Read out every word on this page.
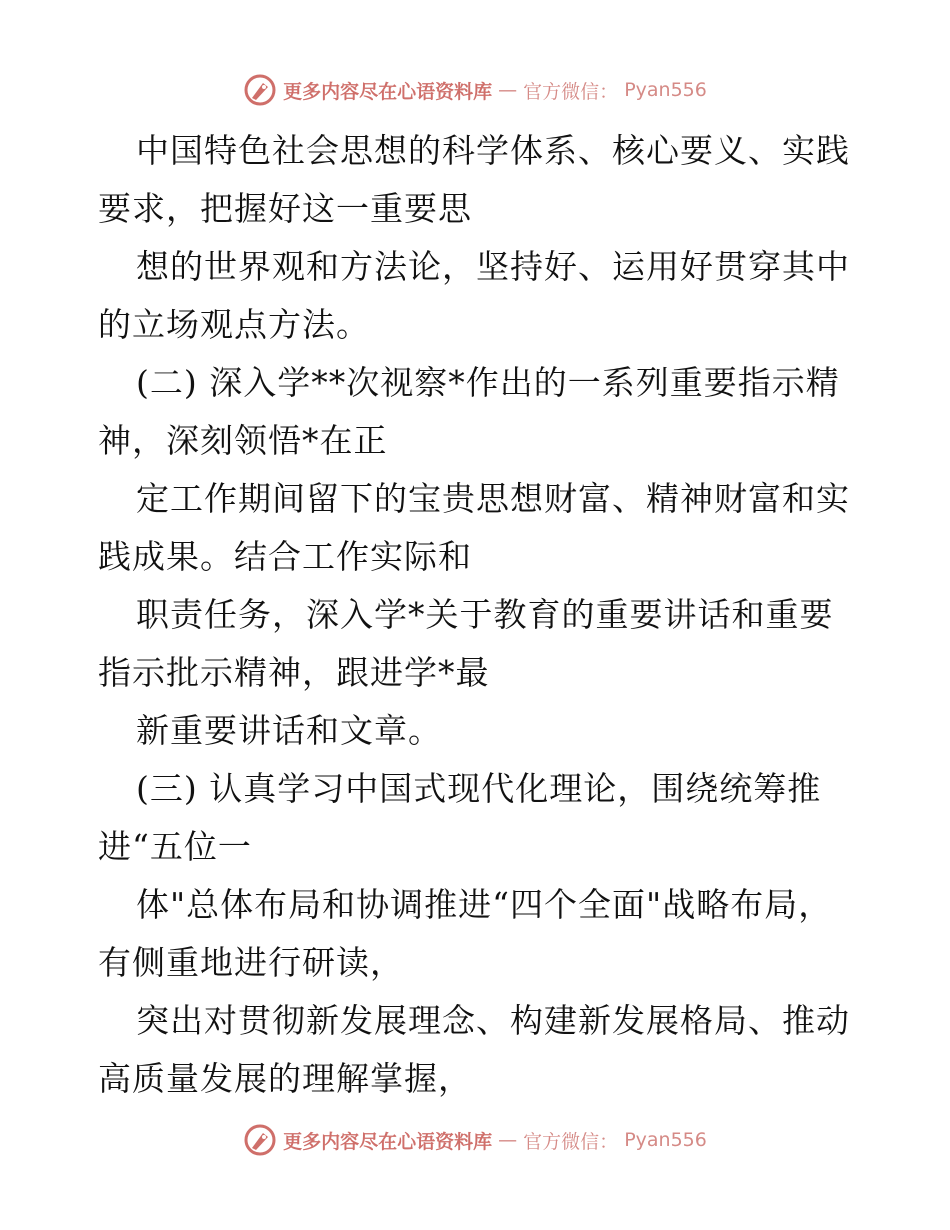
更多内容尽在心语资料库 — 官方微信： Pyan556
中国特色社会思想的科学体系、核心要义、实践
要求，把握好这一重要思
想的世界观和方法论，坚持好、运用好贯穿其中
的立场观点方法。
(二) 深入学**次视察*作出的一系列重要指示精
神，深刻领悟*在正
定工作期间留下的宝贵思想财富、精神财富和实
践成果。结合工作实际和
职责任务，深入学*关于教育的重要讲话和重要
指示批示精神，跟进学*最
新重要讲话和文章。
(三) 认真学习中国式现代化理论，围绕统筹推
进“五位一
体"总体布局和协调推进“四个全面"战略布局，
有侧重地进行研读，
突出对贯彻新发展理念、构建新发展格局、推动
高质量发展的理解掌握，
更多内容尽在心语资料库 — 官方微信： Pyan556
